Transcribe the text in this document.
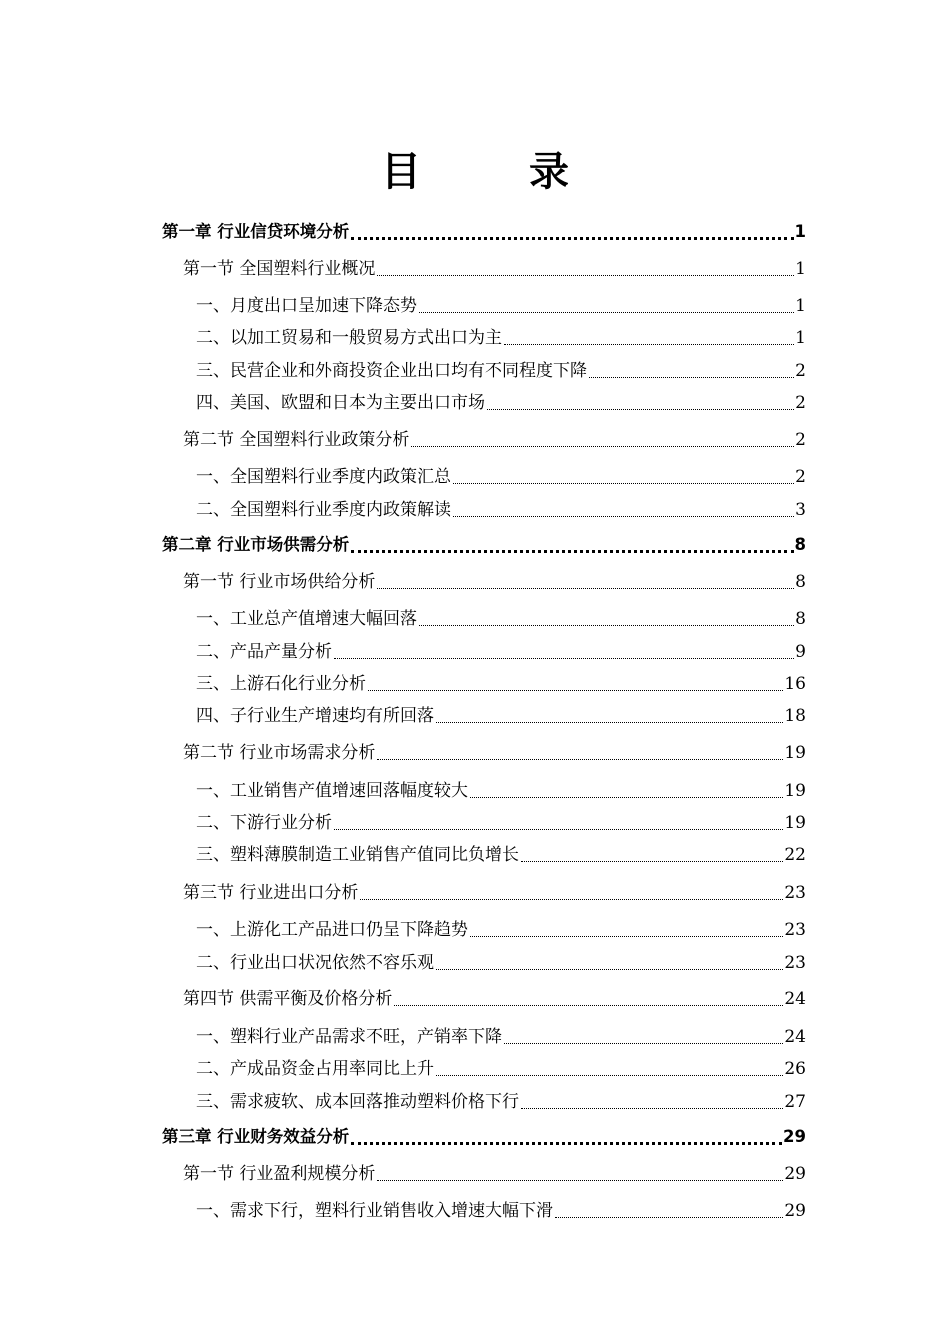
目　录
第一章 行业信贷环境分析	1
第一节 全国塑料行业概况	1
一、月度出口呈加速下降态势	1
二、以加工贸易和一般贸易方式出口为主	1
三、民营企业和外商投资企业出口均有不同程度下降	2
四、美国、欧盟和日本为主要出口市场	2
第二节 全国塑料行业政策分析	2
一、全国塑料行业季度内政策汇总	2
二、全国塑料行业季度内政策解读	3
第二章 行业市场供需分析	8
第一节 行业市场供给分析	8
一、工业总产值增速大幅回落	8
二、产品产量分析	9
三、上游石化行业分析	16
四、子行业生产增速均有所回落	18
第二节 行业市场需求分析	19
一、工业销售产值增速回落幅度较大	19
二、下游行业分析	19
三、塑料薄膜制造工业销售产值同比负增长	22
第三节 行业进出口分析	23
一、上游化工产品进口仍呈下降趋势	23
二、行业出口状况依然不容乐观	23
第四节 供需平衡及价格分析	24
一、塑料行业产品需求不旺，产销率下降	24
二、产成品资金占用率同比上升	26
三、需求疲软、成本回落推动塑料价格下行	27
第三章 行业财务效益分析	29
第一节 行业盈利规模分析	29
一、需求下行，塑料行业销售收入增速大幅下滑	29
